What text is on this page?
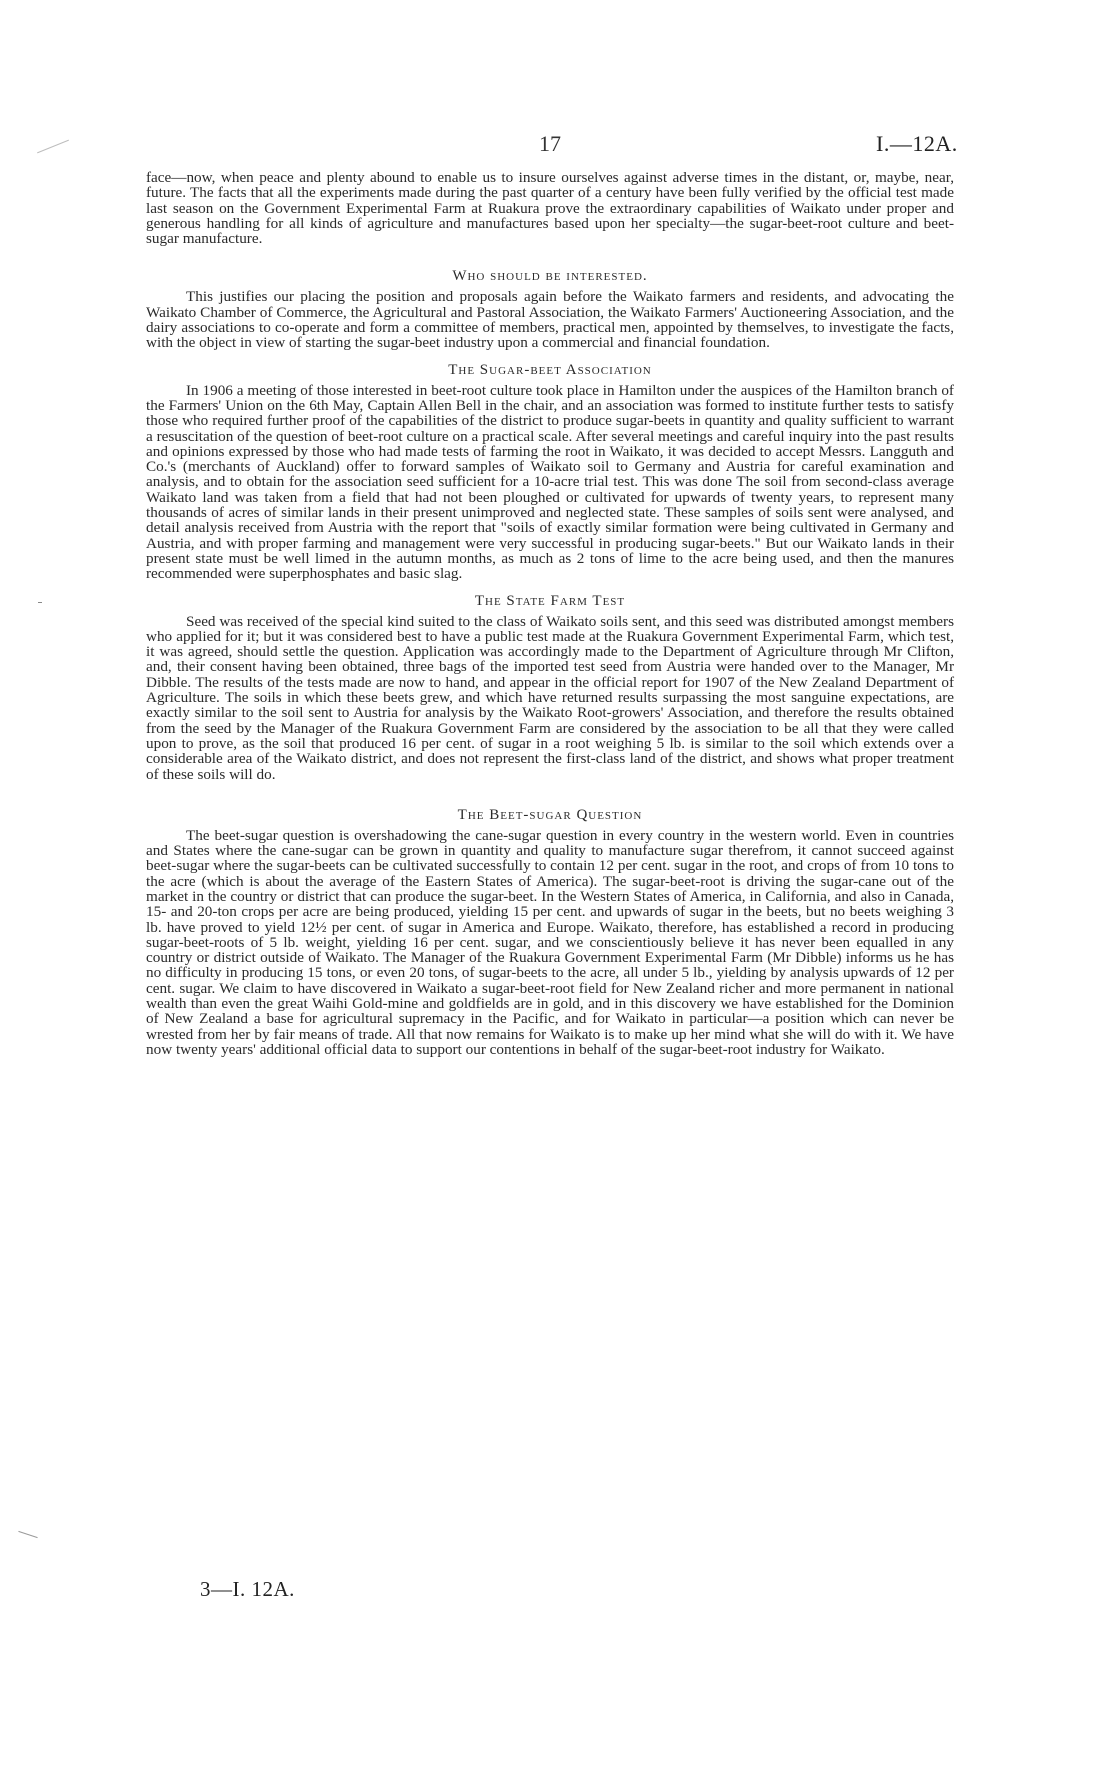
17	I.—12A.

face—now, when peace and plenty abound to enable us to insure ourselves against adverse times in the distant, or, maybe, near, future. The facts that all the experiments made during the past quarter of a century have been fully verified by the official test made last season on the Government Experimental Farm at Ruakura prove the extraordinary capabilities of Waikato under proper and generous handling for all kinds of agriculture and manufactures based upon her specialty—the sugar-beet-root culture and beet-sugar manufacture.

Who should be interested.

This justifies our placing the position and proposals again before the Waikato farmers and residents, and advocating the Waikato Chamber of Commerce, the Agricultural and Pastoral Association, the Waikato Farmers' Auctioneering Association, and the dairy associations to co-operate and form a committee of members, practical men, appointed by themselves, to investigate the facts, with the object in view of starting the sugar-beet industry upon a commercial and financial foundation.

The Sugar-beet Association

In 1906 a meeting of those interested in beet-root culture took place in Hamilton under the auspices of the Hamilton branch of the Farmers' Union on the 6th May, Captain Allen Bell in the chair, and an association was formed to institute further tests to satisfy those who required further proof of the capabilities of the district to produce sugar-beets in quantity and quality sufficient to warrant a resuscitation of the question of beet-root culture on a practical scale. After several meetings and careful inquiry into the past results and opinions expressed by those who had made tests of farming the root in Waikato, it was decided to accept Messrs. Langguth and Co.'s (merchants of Auckland) offer to forward samples of Waikato soil to Germany and Austria for careful examination and analysis, and to obtain for the association seed sufficient for a 10-acre trial test. This was done The soil from second-class average Waikato land was taken from a field that had not been ploughed or cultivated for upwards of twenty years, to represent many thousands of acres of similar lands in their present unimproved and neglected state. These samples of soils sent were analysed, and detail analysis received from Austria with the report that "soils of exactly similar formation were being cultivated in Germany and Austria, and with proper farming and management were very successful in producing sugar-beets." But our Waikato lands in their present state must be well limed in the autumn months, as much as 2 tons of lime to the acre being used, and then the manures recommended were superphosphates and basic slag.

The State Farm Test

Seed was received of the special kind suited to the class of Waikato soils sent, and this seed was distributed amongst members who applied for it; but it was considered best to have a public test made at the Ruakura Government Experimental Farm, which test, it was agreed, should settle the question. Application was accordingly made to the Department of Agriculture through Mr Clifton, and, their consent having been obtained, three bags of the imported test seed from Austria were handed over to the Manager, Mr Dibble. The results of the tests made are now to hand, and appear in the official report for 1907 of the New Zealand Department of Agriculture. The soils in which these beets grew, and which have returned results surpassing the most sanguine expectations, are exactly similar to the soil sent to Austria for analysis by the Waikato Root-growers' Association, and therefore the results obtained from the seed by the Manager of the Ruakura Government Farm are considered by the association to be all that they were called upon to prove, as the soil that produced 16 per cent. of sugar in a root weighing 5 lb. is similar to the soil which extends over a considerable area of the Waikato district, and does not represent the first-class land of the district, and shows what proper treatment of these soils will do.

The Beet-sugar Question

The beet-sugar question is overshadowing the cane-sugar question in every country in the western world. Even in countries and States where the cane-sugar can be grown in quantity and quality to manufacture sugar therefrom, it cannot succeed against beet-sugar where the sugar-beets can be cultivated successfully to contain 12 per cent. sugar in the root, and crops of from 10 tons to the acre (which is about the average of the Eastern States of America). The sugar-beet-root is driving the sugar-cane out of the market in the country or district that can produce the sugar-beet. In the Western States of America, in California, and also in Canada, 15- and 20-ton crops per acre are being produced, yielding 15 per cent. and upwards of sugar in the beets, but no beets weighing 3 lb. have proved to yield 12½ per cent. of sugar in America and Europe. Waikato, therefore, has established a record in producing sugar-beet-roots of 5 lb. weight, yielding 16 per cent. sugar, and we conscientiously believe it has never been equalled in any country or district outside of Waikato. The Manager of the Ruakura Government Experimental Farm (Mr Dibble) informs us he has no difficulty in producing 15 tons, or even 20 tons, of sugar-beets to the acre, all under 5 lb., yielding by analysis upwards of 12 per cent. sugar. We claim to have discovered in Waikato a sugar-beet-root field for New Zealand richer and more permanent in national wealth than even the great Waihi Gold-mine and goldfields are in gold, and in this discovery we have established for the Dominion of New Zealand a base for agricultural supremacy in the Pacific, and for Waikato in particular—a position which can never be wrested from her by fair means of trade. All that now remains for Waikato is to make up her mind what she will do with it. We have now twenty years' additional official data to support our contentions in behalf of the sugar-beet-root industry for Waikato.

3—I. 12A.
